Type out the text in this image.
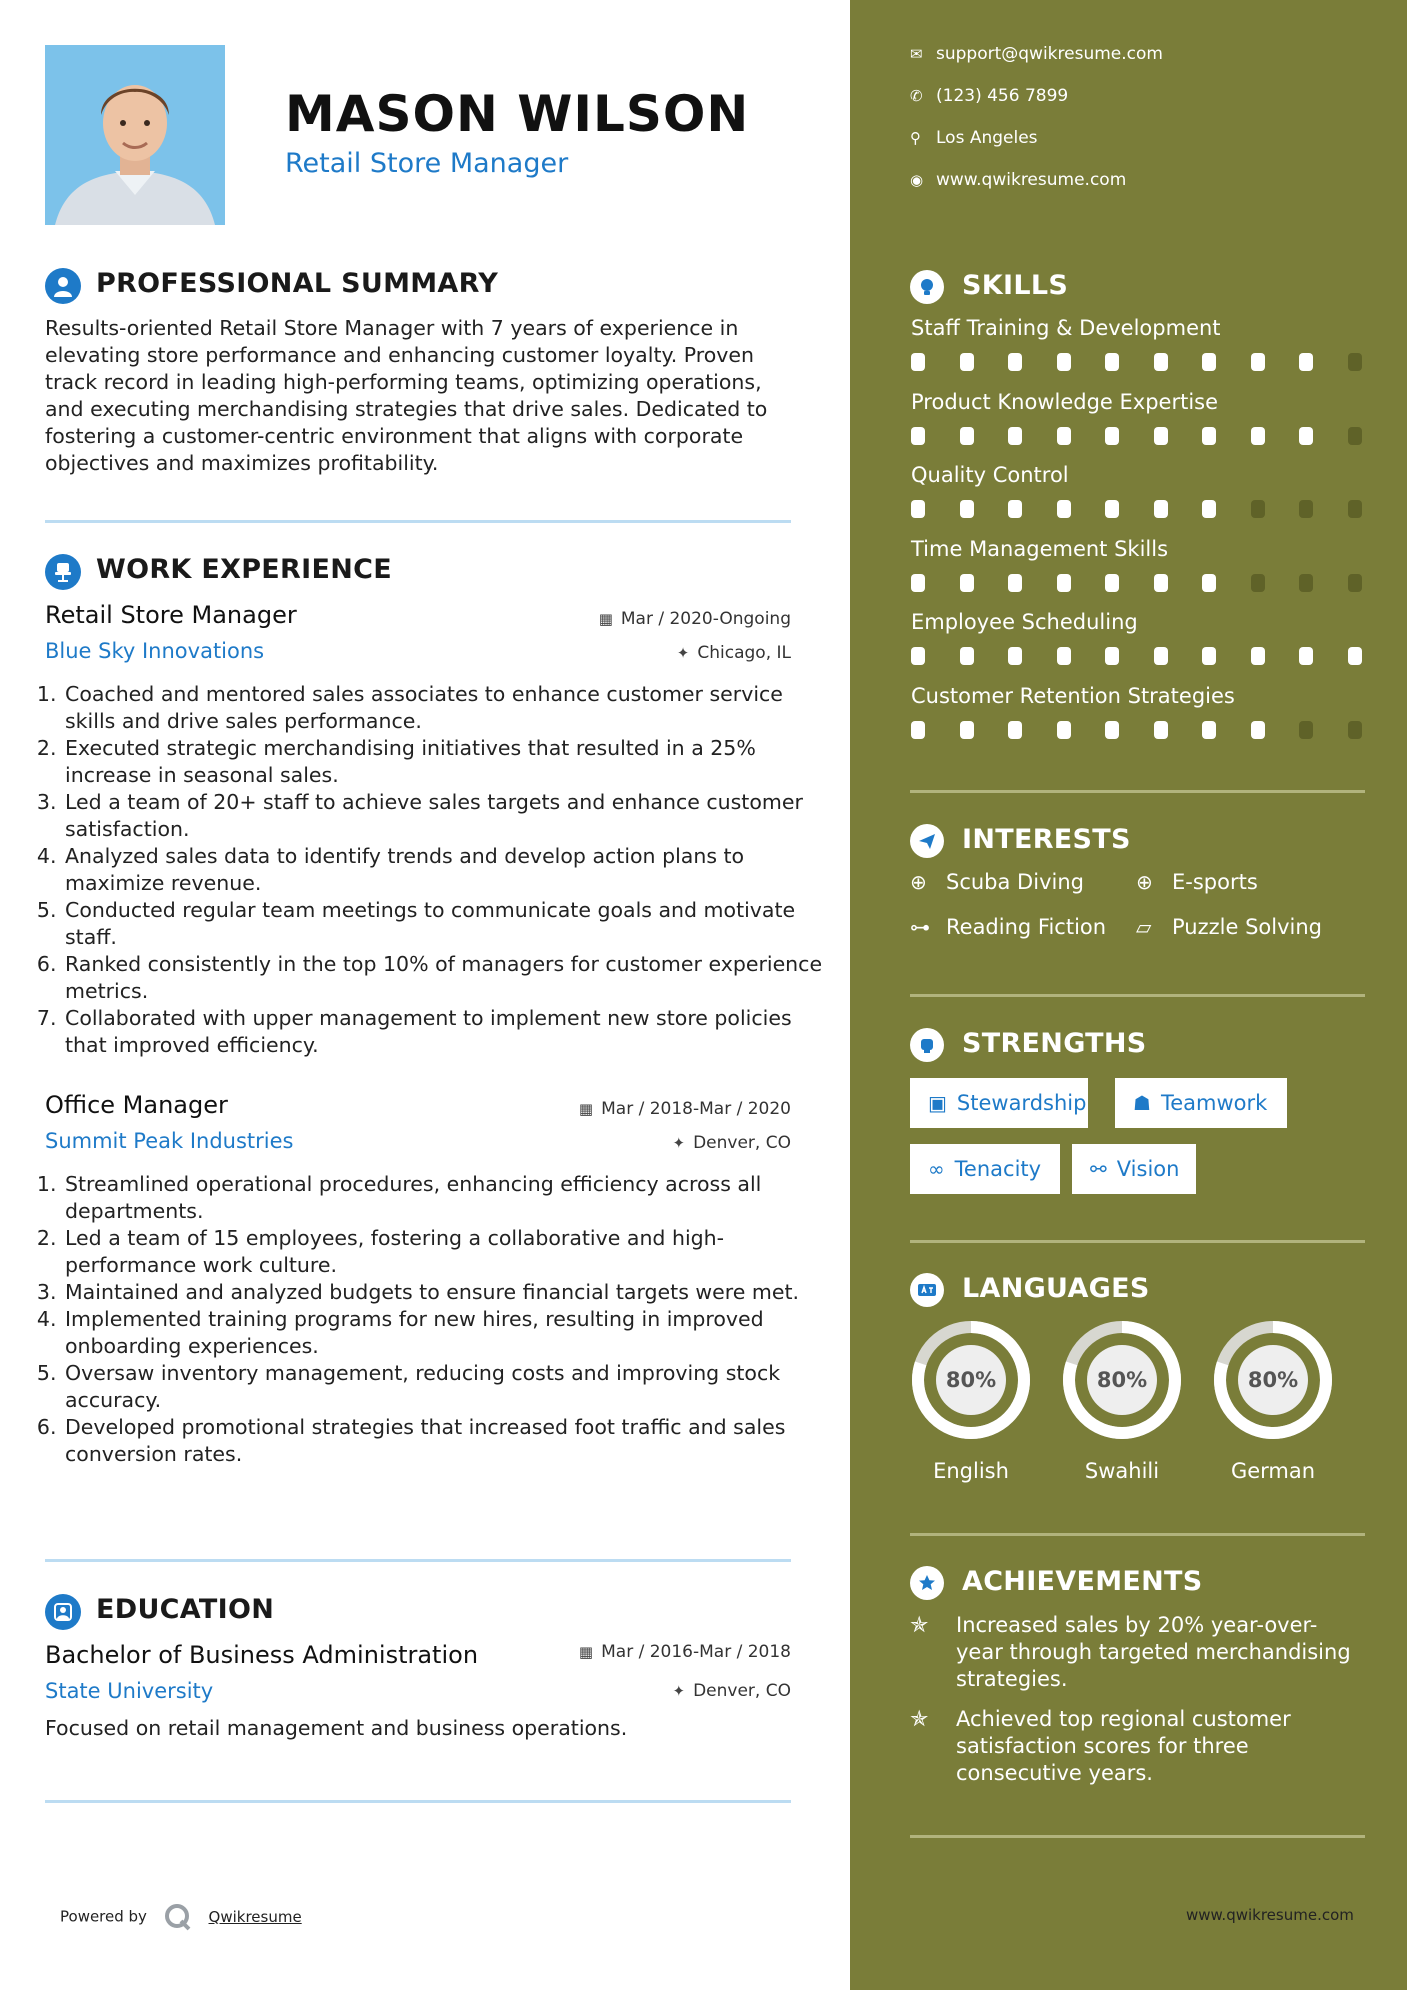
MASON WILSON
Retail Store Manager
✉ support@qwikresume.com
✆ (123) 456 7899
⚲ Los Angeles
◉ www.qwikresume.com
PROFESSIONAL SUMMARY
Results-oriented Retail Store Manager with 7 years of experience in elevating store performance and enhancing customer loyalty. Proven track record in leading high-performing teams, optimizing operations, and executing merchandising strategies that drive sales. Dedicated to fostering a customer-centric environment that aligns with corporate objectives and maximizes profitability.
WORK EXPERIENCE
Retail Store Manager	▦ Mar / 2020-Ongoing
Blue Sky Innovations	✦ Chicago, IL
1. Coached and mentored sales associates to enhance customer service skills and drive sales performance.
2. Executed strategic merchandising initiatives that resulted in a 25% increase in seasonal sales.
3. Led a team of 20+ staff to achieve sales targets and enhance customer satisfaction.
4. Analyzed sales data to identify trends and develop action plans to maximize revenue.
5. Conducted regular team meetings to communicate goals and motivate staff.
6. Ranked consistently in the top 10% of managers for customer experience metrics.
7. Collaborated with upper management to implement new store policies that improved efficiency.
Office Manager	▦ Mar / 2018-Mar / 2020
Summit Peak Industries	✦ Denver, CO
1. Streamlined operational procedures, enhancing efficiency across all departments.
2. Led a team of 15 employees, fostering a collaborative and high-performance work culture.
3. Maintained and analyzed budgets to ensure financial targets were met.
4. Implemented training programs for new hires, resulting in improved onboarding experiences.
5. Oversaw inventory management, reducing costs and improving stock accuracy.
6. Developed promotional strategies that increased foot traffic and sales conversion rates.
EDUCATION
Bachelor of Business Administration	▦ Mar / 2016-Mar / 2018
State University	✦ Denver, CO
Focused on retail management and business operations.
Powered by	Qwikresume	www.qwikresume.com
SKILLS
Staff Training & Development
Product Knowledge Expertise
Quality Control
Time Management Skills
Employee Scheduling
Customer Retention Strategies
INTERESTS
⊕ Scuba Diving	⊕ E-sports
⊶ Reading Fiction ▱ Puzzle Solving
STRENGTHS
▣ Stewardship	☗ Teamwork
∞ Tenacity	⚯ Vision
LANGUAGES
80%
English
80%
Swahili
80%
German
ACHIEVEMENTS
✯ Increased sales by 20% year-over-year through targeted merchandising strategies.
✯ Achieved top regional customer satisfaction scores for three consecutive years.
